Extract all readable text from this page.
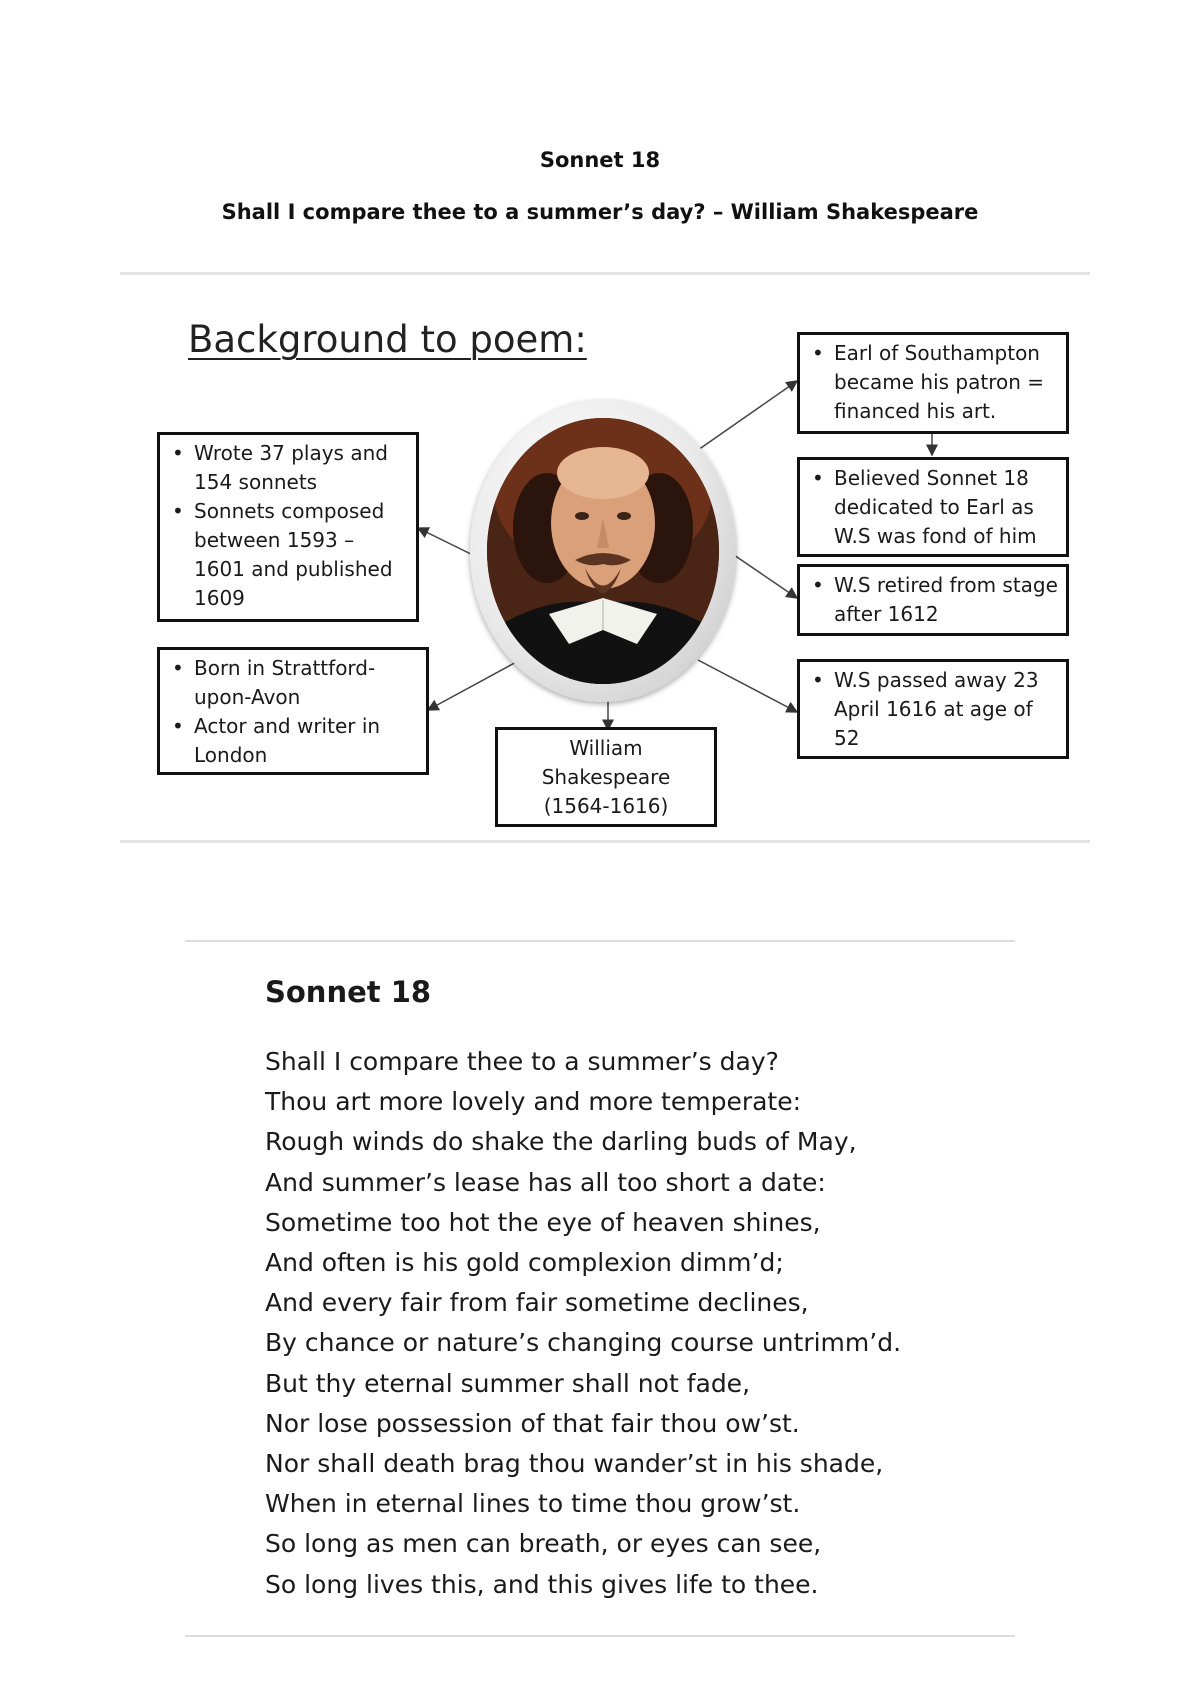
Sonnet 18
Shall I compare thee to a summer’s day? – William Shakespeare
Background to poem:
• Wrote 37 plays and 154 sonnets
• Sonnets composed between 1593 – 1601 and published 1609
• Born in Strattford-upon-Avon
• Actor and writer in London
• Earl of Southampton became his patron = financed his art.
• Believed Sonnet 18 dedicated to Earl as W.S was fond of him
• W.S retired from stage after 1612
• W.S passed away 23 April 1616 at age of 52
William
Shakespeare
(1564-1616)
Sonnet 18
Shall I compare thee to a summer’s day?
Thou art more lovely and more temperate:
Rough winds do shake the darling buds of May,
And summer’s lease has all too short a date:
Sometime too hot the eye of heaven shines,
And often is his gold complexion dimm’d;
And every fair from fair sometime declines,
By chance or nature’s changing course untrimm’d.
But thy eternal summer shall not fade,
Nor lose possession of that fair thou ow’st.
Nor shall death brag thou wander’st in his shade,
When in eternal lines to time thou grow’st.
So long as men can breath, or eyes can see,
So long lives this, and this gives life to thee.
